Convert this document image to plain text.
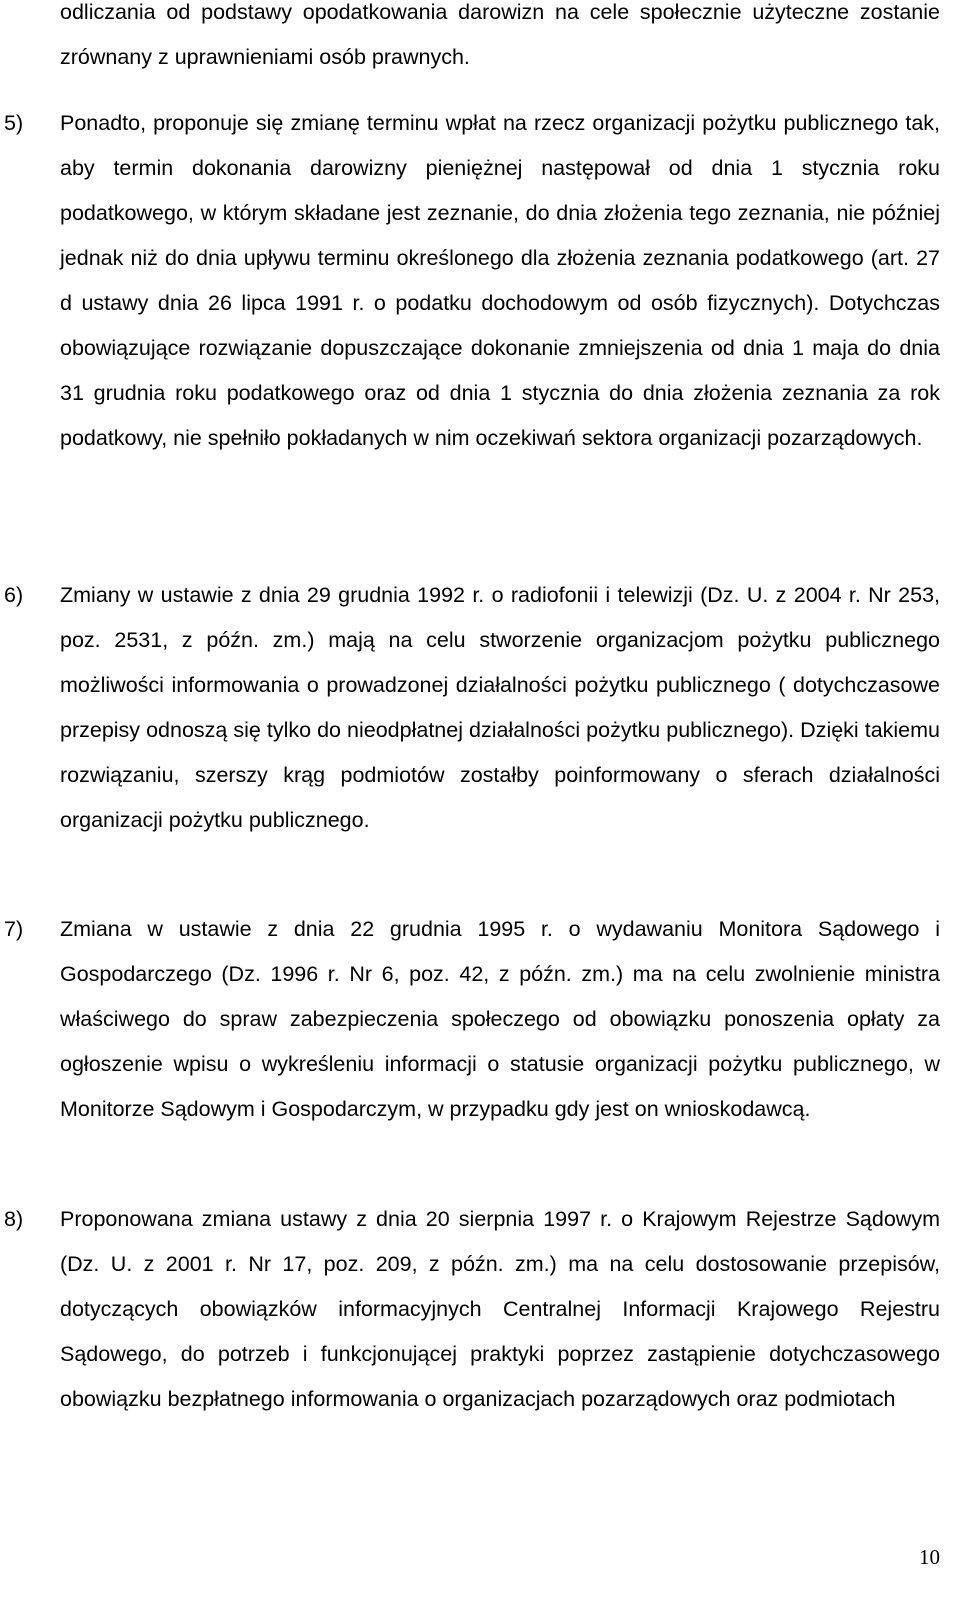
odliczania od podstawy opodatkowania darowizn na cele społecznie użyteczne zostanie zrównany z uprawnieniami osób prawnych.

5) Ponadto, proponuje się zmianę terminu wpłat na rzecz organizacji pożytku publicznego tak, aby termin dokonania darowizny pieniężnej następował od dnia 1 stycznia roku podatkowego, w którym składane jest zeznanie, do dnia złożenia tego zeznania, nie później jednak niż do dnia upływu terminu określonego dla złożenia zeznania podatkowego (art. 27 d ustawy dnia 26 lipca 1991 r. o podatku dochodowym od osób fizycznych). Dotychczas obowiązujące rozwiązanie dopuszczające dokonanie zmniejszenia od dnia 1 maja do dnia 31 grudnia roku podatkowego oraz od dnia 1 stycznia do dnia złożenia zeznania za rok podatkowy, nie spełniło pokładanych w nim oczekiwań sektora organizacji pozarządowych.

6) Zmiany w ustawie z dnia 29 grudnia 1992 r. o radiofonii i telewizji (Dz. U. z 2004 r. Nr 253, poz. 2531, z późn. zm.) mają na celu stworzenie organizacjom pożytku publicznego możliwości informowania o prowadzonej działalności pożytku publicznego ( dotychczasowe przepisy odnoszą się tylko do nieodpłatnej działalności pożytku publicznego). Dzięki takiemu rozwiązaniu, szerszy krąg podmiotów zostałby poinformowany o sferach działalności organizacji pożytku publicznego.

7) Zmiana w ustawie z dnia 22 grudnia 1995 r. o wydawaniu Monitora Sądowego i Gospodarczego (Dz. 1996 r. Nr 6, poz. 42, z późn. zm.) ma na celu zwolnienie ministra właściwego do spraw zabezpieczenia społeczego od obowiązku ponoszenia opłaty za ogłoszenie wpisu o wykreśleniu informacji o statusie organizacji pożytku publicznego, w Monitorze Sądowym i Gospodarczym, w przypadku gdy jest on wnioskodawcą.

8) Proponowana zmiana ustawy z dnia 20 sierpnia 1997 r. o Krajowym Rejestrze Sądowym (Dz. U. z 2001 r. Nr 17, poz. 209, z późn. zm.) ma na celu dostosowanie przepisów, dotyczących obowiązków informacyjnych Centralnej Informacji Krajowego Rejestru Sądowego, do potrzeb i funkcjonującej praktyki poprzez zastąpienie dotychczasowego obowiązku bezpłatnego informowania o organizacjach pozarządowych oraz podmiotach

10
